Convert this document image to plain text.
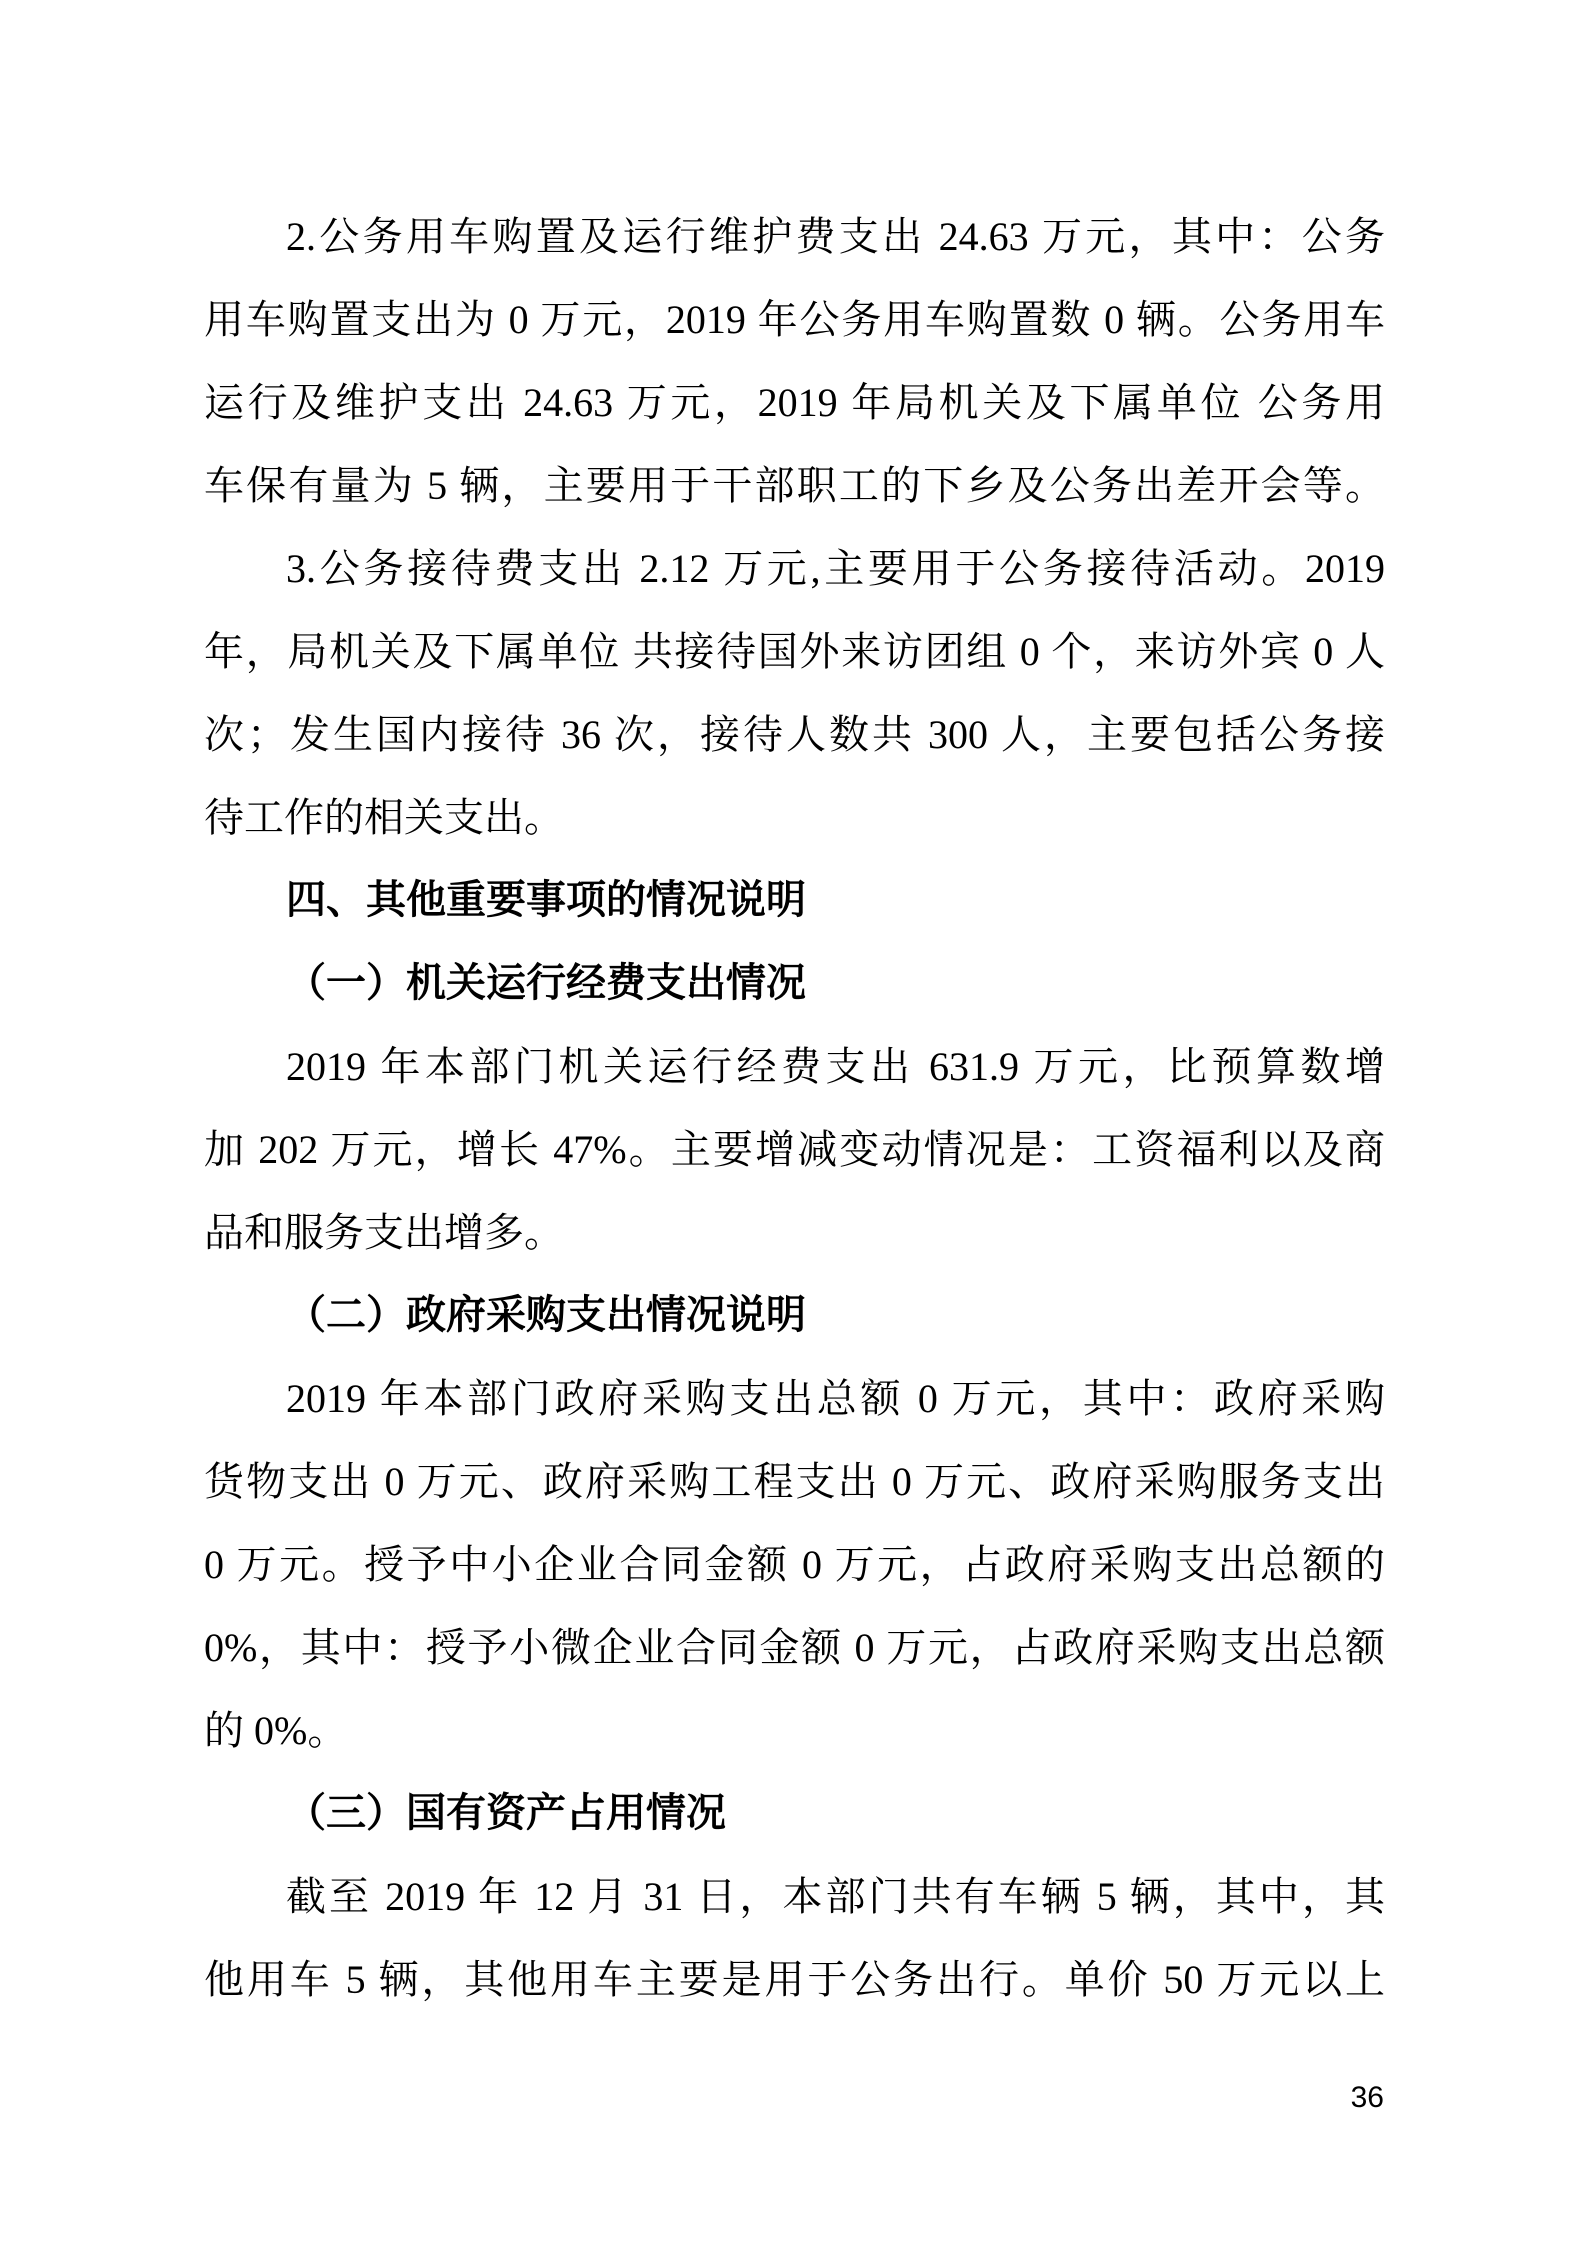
2.公务用车购置及运行维护费支出 24.63 万元，其中：公务
用车购置支出为 0 万元，2019 年公务用车购置数 0 辆。公务用车
运行及维护支出 24.63 万元，2019 年局机关及下属单位 公务用
车保有量为 5 辆，主要用于干部职工的下乡及公务出差开会等。
3.公务接待费支出 2.12 万元,主要用于公务接待活动。2019
年，局机关及下属单位 共接待国外来访团组 0 个，来访外宾 0 人
次；发生国内接待 36 次，接待人数共 300 人，主要包括公务接
待工作的相关支出。
四、其他重要事项的情况说明
（一）机关运行经费支出情况
2019 年本部门机关运行经费支出 631.9 万元，比预算数增
加 202 万元，增长 47%。主要增减变动情况是：工资福利以及商
品和服务支出增多。
（二）政府采购支出情况说明
2019 年本部门政府采购支出总额 0 万元，其中：政府采购
货物支出 0 万元、政府采购工程支出 0 万元、政府采购服务支出
0 万元。授予中小企业合同金额 0 万元，占政府采购支出总额的
0%，其中：授予小微企业合同金额 0 万元，占政府采购支出总额
的 0%。
（三）国有资产占用情况
截至 2019 年 12 月 31 日，本部门共有车辆 5 辆，其中，其
他用车 5 辆，其他用车主要是用于公务出行。单价 50 万元以上
36
